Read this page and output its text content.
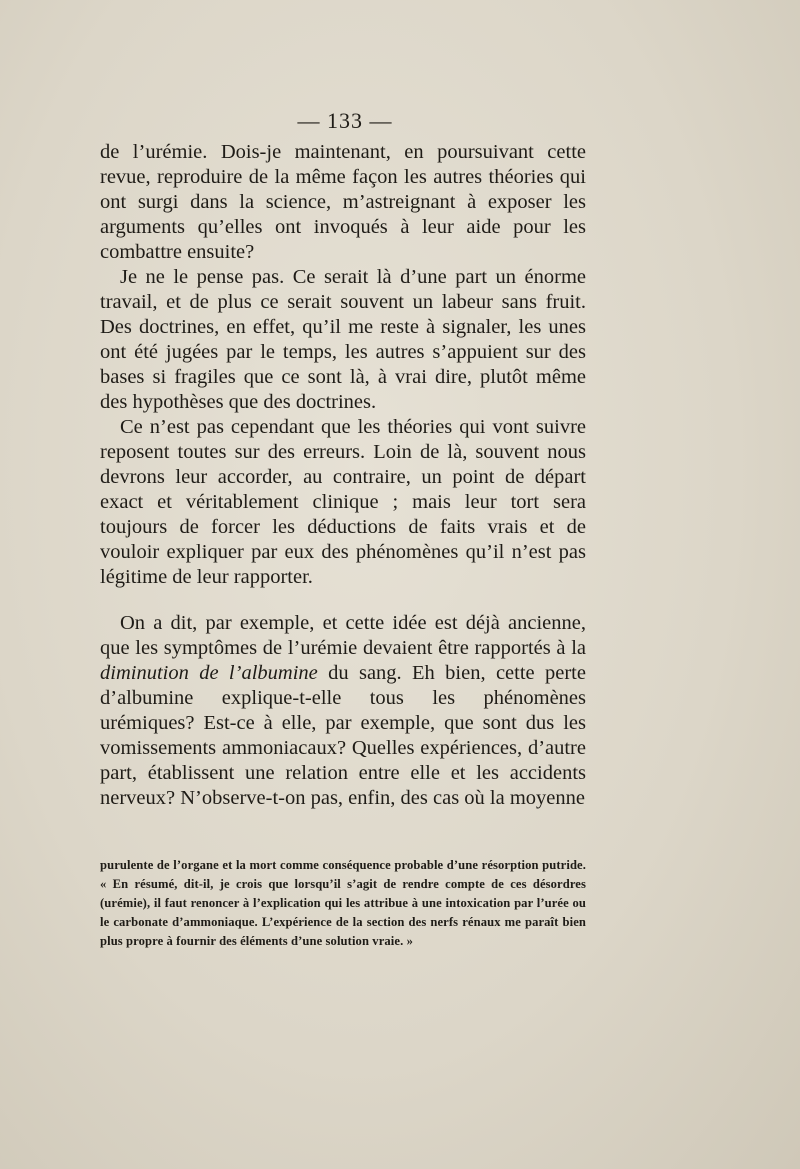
— 133 —

de l’urémie. Dois-je maintenant, en poursuivant cette revue, reproduire de la même façon les autres théories qui ont surgi dans la science, m’astreignant à exposer les arguments qu’elles ont invoqués à leur aide pour les combattre ensuite?

Je ne le pense pas. Ce serait là d’une part un énorme travail, et de plus ce serait souvent un labeur sans fruit. Des doctrines, en effet, qu’il me reste à signaler, les unes ont été jugées par le temps, les autres s’appuient sur des bases si fragiles que ce sont là, à vrai dire, plutôt même des hypothèses que des doctrines.

Ce n’est pas cependant que les théories qui vont suivre reposent toutes sur des erreurs. Loin de là, souvent nous devrons leur accorder, au contraire, un point de départ exact et véritablement clinique ; mais leur tort sera toujours de forcer les déductions de faits vrais et de vouloir expliquer par eux des phénomènes qu’il n’est pas légitime de leur rapporter.

On a dit, par exemple, et cette idée est déjà ancienne, que les symptômes de l’urémie devaient être rapportés à la diminution de l’albumine du sang. Eh bien, cette perte d’albumine explique-t-elle tous les phénomènes urémiques? Est-ce à elle, par exemple, que sont dus les vomissements ammoniacaux? Quelles expériences, d’autre part, établissent une relation entre elle et les accidents nerveux? N’observe-t-on pas, enfin, des cas où la moyenne

purulente de l’organe et la mort comme conséquence probable d’une résorption putride. « En résumé, dit-il, je crois que lorsqu’il s’agit de rendre compte de ces désordres (urémie), il faut renoncer à l’explication qui les attribue à une intoxication par l’urée ou le carbonate d’ammoniaque. L’expérience de la section des nerfs rénaux me paraît bien plus propre à fournir des éléments d’une solution vraie. »
